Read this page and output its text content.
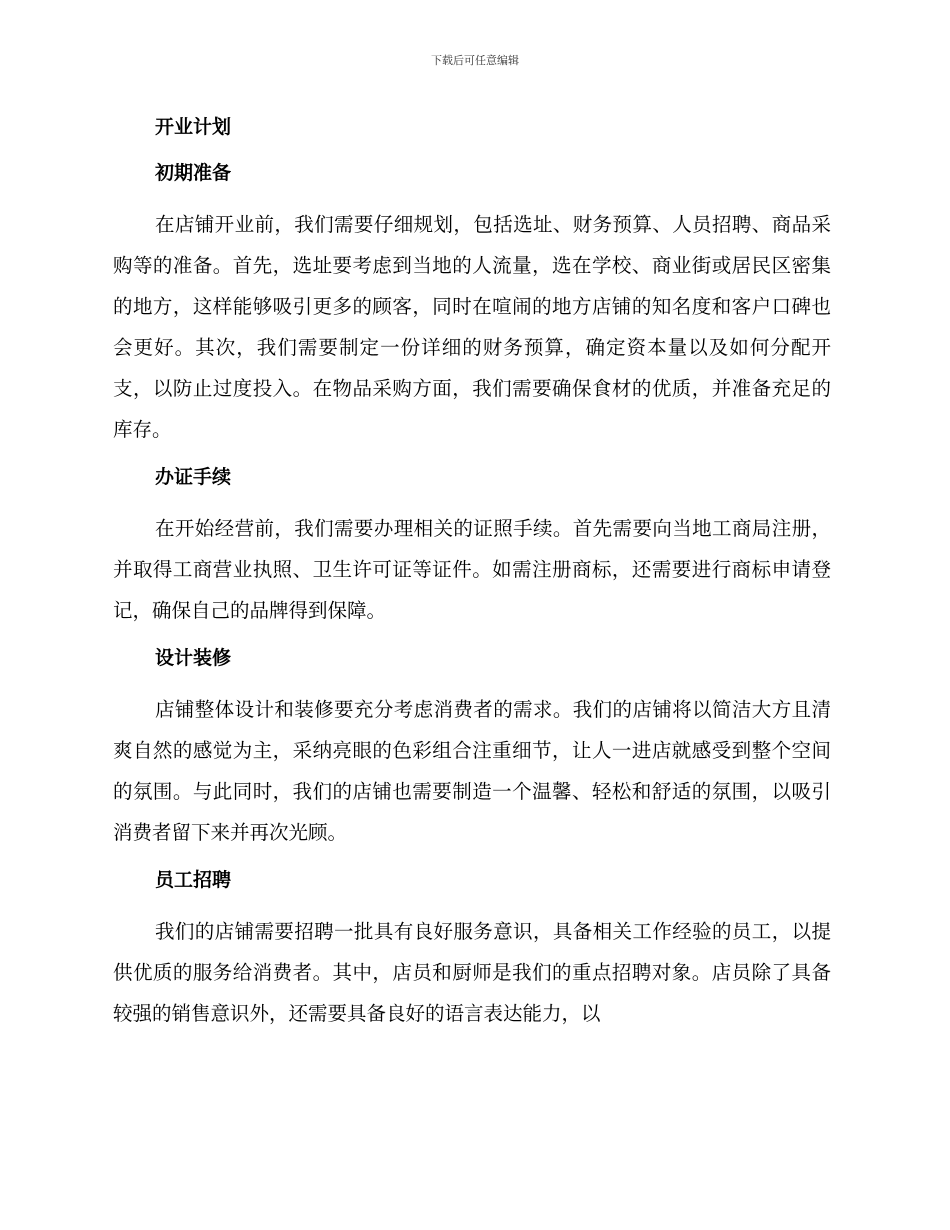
下载后可任意编辑
开业计划
初期准备

在店铺开业前，我们需要仔细规划，包括选址、财务预算、人员招聘、商品采购等的准备。首先，选址要考虑到当地的人流量，选在学校、商业街或居民区密集的地方，这样能够吸引更多的顾客，同时在喧闹的地方店铺的知名度和客户口碑也会更好。其次，我们需要制定一份详细的财务预算，确定资本量以及如何分配开支，以防止过度投入。在物品采购方面，我们需要确保食材的优质，并准备充足的库存。

办证手续

在开始经营前，我们需要办理相关的证照手续。首先需要向当地工商局注册，并取得工商营业执照、卫生许可证等证件。如需注册商标，还需要进行商标申请登记，确保自己的品牌得到保障。

设计装修

店铺整体设计和装修要充分考虑消费者的需求。我们的店铺将以简洁大方且清爽自然的感觉为主，采纳亮眼的色彩组合注重细节，让人一进店就感受到整个空间的氛围。与此同时，我们的店铺也需要制造一个温馨、轻松和舒适的氛围，以吸引消费者留下来并再次光顾。

员工招聘

我们的店铺需要招聘一批具有良好服务意识，具备相关工作经验的员工，以提供优质的服务给消费者。其中，店员和厨师是我们的重点招聘对象。店员除了具备较强的销售意识外，还需要具备良好的语言表达能力，以
